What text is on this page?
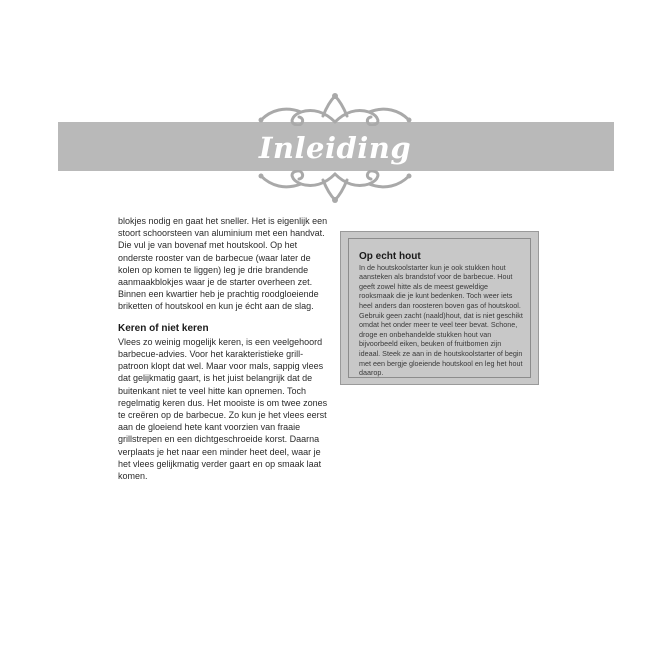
Inleiding

blokjes nodig en gaat het sneller. Het is eigenlijk een stoort schoorsteen van aluminium met een handvat. Die vul je van bovenaf met houtskool. Op het onderste rooster van de barbecue (waar later de kolen op komen te liggen) leg je drie brandende aanmaakblokjes waar je de starter overheen zet. Binnen een kwartier heb je prachtig roodgloeiende briketten of houtskool en kun je écht aan de slag.

Keren of niet keren

Vlees zo weinig mogelijk keren, is een veelgehoord barbecue-advies. Voor het karakteristieke grill-patroon klopt dat wel. Maar voor mals, sappig vlees dat gelijkmatig gaart, is het juist belangrijk dat de buitenkant niet te veel hitte kan opnemen. Toch regelmatig keren dus. Het mooiste is om twee zones te creëren op de barbecue. Zo kun je het vlees eerst aan de gloeiend hete kant voorzien van fraaie grillstrepen en een dichtgeschroeide korst. Daarna verplaats je het naar een minder heet deel, waar je het vlees gelijkmatig verder gaart en op smaak laat komen.

Op echt hout

In de houtskoolstarter kun je ook stukken hout aansteken als brandstof voor de barbecue. Hout geeft zowel hitte als de meest geweldige rooksmaak die je kunt bedenken. Toch weer iets heel anders dan roosteren boven gas of houtskool. Gebruik geen zacht (naald)hout, dat is niet geschikt omdat het onder meer te veel teer bevat. Schone, droge en onbehandelde stukken hout van bijvoorbeeld eiken, beuken of fruitbomen zijn ideaal. Steek ze aan in de houtskoolstarter of begin met een bergje gloeiende houtskool en leg het hout daarop.
